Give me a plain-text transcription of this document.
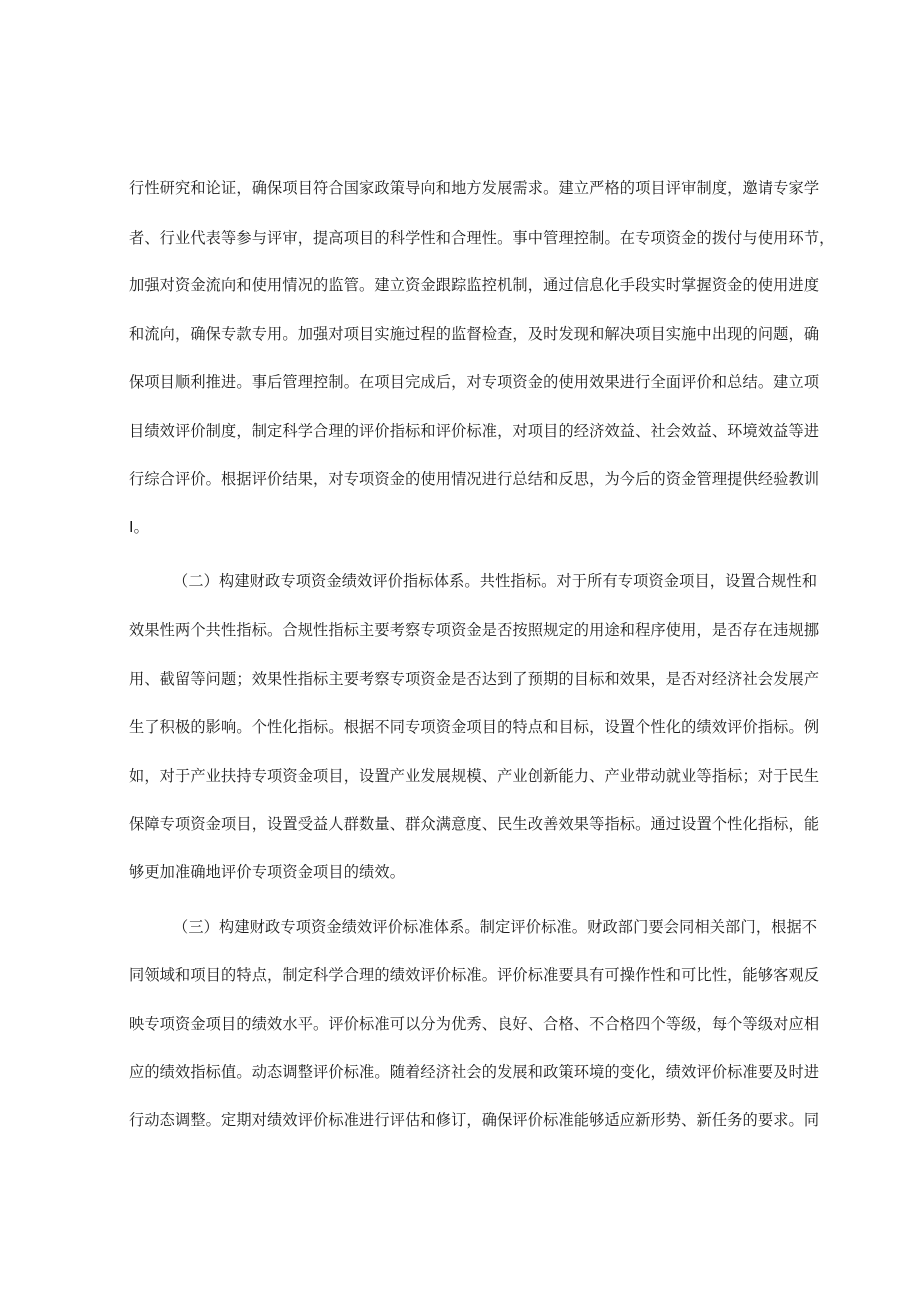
行性研究和论证，确保项目符合国家政策导向和地方发展需求。建立严格的项目评审制度，邀请专家学
者、行业代表等参与评审，提高项目的科学性和合理性。事中管理控制。在专项资金的拨付与使用环节，
加强对资金流向和使用情况的监管。建立资金跟踪监控机制，通过信息化手段实时掌握资金的使用进度
和流向，确保专款专用。加强对项目实施过程的监督检查，及时发现和解决项目实施中出现的问题，确
保项目顺利推进。事后管理控制。在项目完成后，对专项资金的使用效果进行全面评价和总结。建立项
目绩效评价制度，制定科学合理的评价指标和评价标准，对项目的经济效益、社会效益、环境效益等进
行综合评价。根据评价结果，对专项资金的使用情况进行总结和反思，为今后的资金管理提供经验教训
I。
（二）构建财政专项资金绩效评价指标体系。共性指标。对于所有专项资金项目，设置合规性和
效果性两个共性指标。合规性指标主要考察专项资金是否按照规定的用途和程序使用，是否存在违规挪
用、截留等问题；效果性指标主要考察专项资金是否达到了预期的目标和效果，是否对经济社会发展产
生了积极的影响。个性化指标。根据不同专项资金项目的特点和目标，设置个性化的绩效评价指标。例
如，对于产业扶持专项资金项目，设置产业发展规模、产业创新能力、产业带动就业等指标；对于民生
保障专项资金项目，设置受益人群数量、群众满意度、民生改善效果等指标。通过设置个性化指标，能
够更加准确地评价专项资金项目的绩效。
（三）构建财政专项资金绩效评价标准体系。制定评价标准。财政部门要会同相关部门，根据不
同领域和项目的特点，制定科学合理的绩效评价标准。评价标准要具有可操作性和可比性，能够客观反
映专项资金项目的绩效水平。评价标准可以分为优秀、良好、合格、不合格四个等级，每个等级对应相
应的绩效指标值。动态调整评价标准。随着经济社会的发展和政策环境的变化，绩效评价标准要及时进
行动态调整。定期对绩效评价标准进行评估和修订，确保评价标准能够适应新形势、新任务的要求。同
